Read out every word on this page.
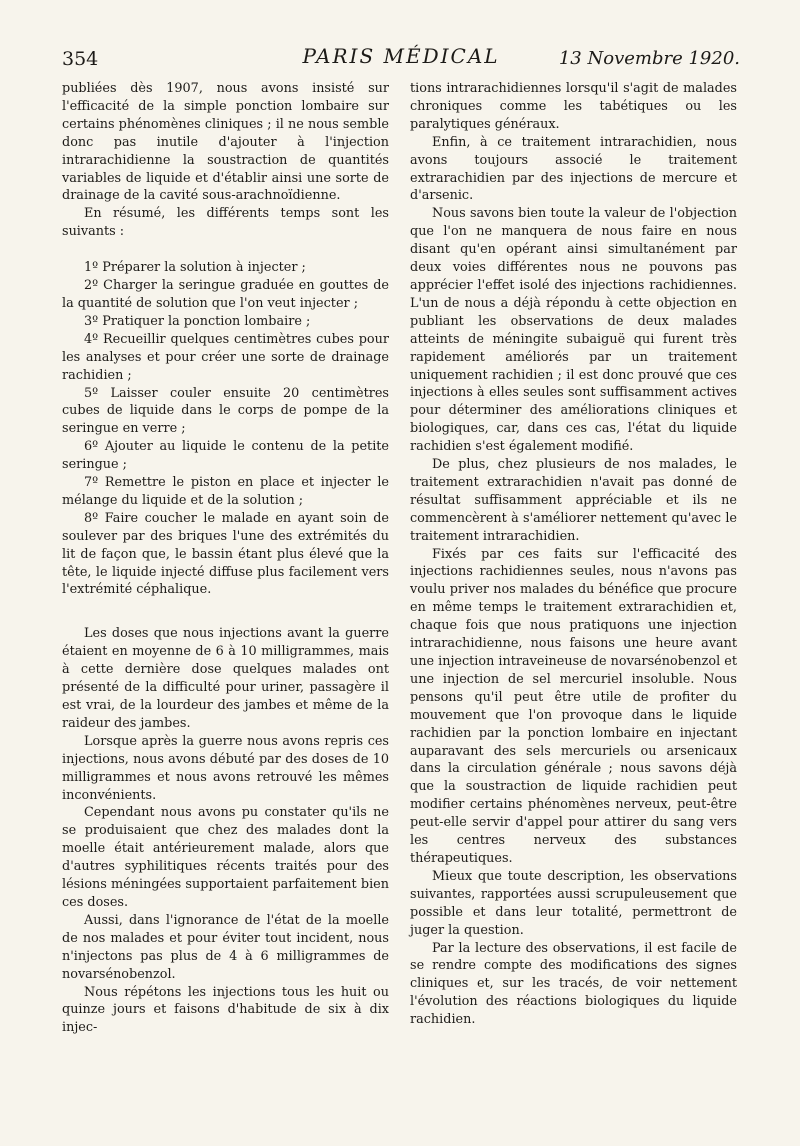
354	PARIS MÉDICAL	13 Novembre 1920.

publiées dès 1907, nous avons insisté sur l'efficacité de la simple ponction lombaire sur certains phénomènes cliniques ; il ne nous semble donc pas inutile d'ajouter à l'injection intrarachidienne la soustraction de quantités variables de liquide et d'établir ainsi une sorte de drainage de la cavité sous-arachnoïdienne.

En résumé, les différents temps sont les suivants :

1º Préparer la solution à injecter ;

2º Charger la seringue graduée en gouttes de la quantité de solution que l'on veut injecter ;

3º Pratiquer la ponction lombaire ;

4º Recueillir quelques centimètres cubes pour les analyses et pour créer une sorte de drainage rachidien ;

5º Laisser couler ensuite 20 centimètres cubes de liquide dans le corps de pompe de la seringue en verre ;

6º Ajouter au liquide le contenu de la petite seringue ;

7º Remettre le piston en place et injecter le mélange du liquide et de la solution ;

8º Faire coucher le malade en ayant soin de soulever par des briques l'une des extrémités du lit de façon que, le bassin étant plus élevé que la tête, le liquide injecté diffuse plus facilement vers l'extrémité céphalique.

Les doses que nous injections avant la guerre étaient en moyenne de 6 à 10 milligrammes, mais à cette dernière dose quelques malades ont présenté de la difficulté pour uriner, passagère il est vrai, de la lourdeur des jambes et même de la raideur des jambes.

Lorsque après la guerre nous avons repris ces injections, nous avons débuté par des doses de 10 milligrammes et nous avons retrouvé les mêmes inconvénients.

Cependant nous avons pu constater qu'ils ne se produisaient que chez des malades dont la moelle était antérieurement malade, alors que d'autres syphilitiques récents traités pour des lésions méningées supportaient parfaitement bien ces doses.

Aussi, dans l'ignorance de l'état de la moelle de nos malades et pour éviter tout incident, nous n'injectons pas plus de 4 à 6 milligrammes de novarsénobenzol.

Nous répétons les injections tous les huit ou quinze jours et faisons d'habitude de six à dix injec-

tions intrarachidiennes lorsqu'il s'agit de malades chroniques comme les tabétiques ou les paralytiques généraux.

Enfin, à ce traitement intrarachidien, nous avons toujours associé le traitement extrarachidien par des injections de mercure et d'arsenic.

Nous savons bien toute la valeur de l'objection que l'on ne manquera de nous faire en nous disant qu'en opérant ainsi simultanément par deux voies différentes nous ne pouvons pas apprécier l'effet isolé des injections rachidiennes. L'un de nous a déjà répondu à cette objection en publiant les observations de deux malades atteints de méningite subaiguë qui furent très rapidement améliorés par un traitement uniquement rachidien ; il est donc prouvé que ces injections à elles seules sont suffisamment actives pour déterminer des améliorations cliniques et biologiques, car, dans ces cas, l'état du liquide rachidien s'est également modifié.

De plus, chez plusieurs de nos malades, le traitement extrarachidien n'avait pas donné de résultat suffisamment appréciable et ils ne commencèrent à s'améliorer nettement qu'avec le traitement intrarachidien.

Fixés par ces faits sur l'efficacité des injections rachidiennes seules, nous n'avons pas voulu priver nos malades du bénéfice que procure en même temps le traitement extrarachidien et, chaque fois que nous pratiquons une injection intrarachidienne, nous faisons une heure avant une injection intraveineuse de novarsénobenzol et une injection de sel mercuriel insoluble. Nous pensons qu'il peut être utile de profiter du mouvement que l'on provoque dans le liquide rachidien par la ponction lombaire en injectant auparavant des sels mercuriels ou arsenicaux dans la circulation générale ; nous savons déjà que la soustraction de liquide rachidien peut modifier certains phénomènes nerveux, peut-être peut-elle servir d'appel pour attirer du sang vers les centres nerveux des substances thérapeutiques.

Mieux que toute description, les observations suivantes, rapportées aussi scrupuleusement que possible et dans leur totalité, permettront de juger la question.

Par la lecture des observations, il est facile de se rendre compte des modifications des signes cliniques et, sur les tracés, de voir nettement l'évolution des réactions biologiques du liquide rachidien.
